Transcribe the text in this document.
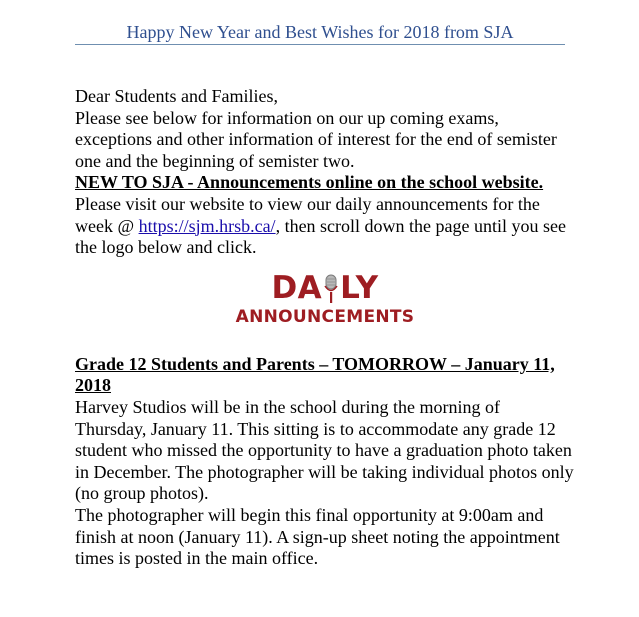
Happy New Year and Best Wishes for 2018 from SJA

Dear Students and Families,

Please see below for information on our up coming exams, exceptions and other information of interest for the end of semister one and the beginning of semister two.

NEW TO SJA - Announcements online on the school website.

Please visit our website to view our daily announcements for the week @ https://sjm.hrsb.ca/, then scroll down the page until you see the logo below and click.

DA LY
ANNOUNCEMENTS

Grade 12 Students and Parents – TOMORROW – January 11, 2018

Harvey Studios will be in the school during the morning of Thursday, January 11. This sitting is to accommodate any grade 12 student who missed the opportunity to have a graduation photo taken in December. The photographer will be taking individual photos only (no group photos).

The photographer will begin this final opportunity at 9:00am and finish at noon (January 11). A sign-up sheet noting the appointment times is posted in the main office.
